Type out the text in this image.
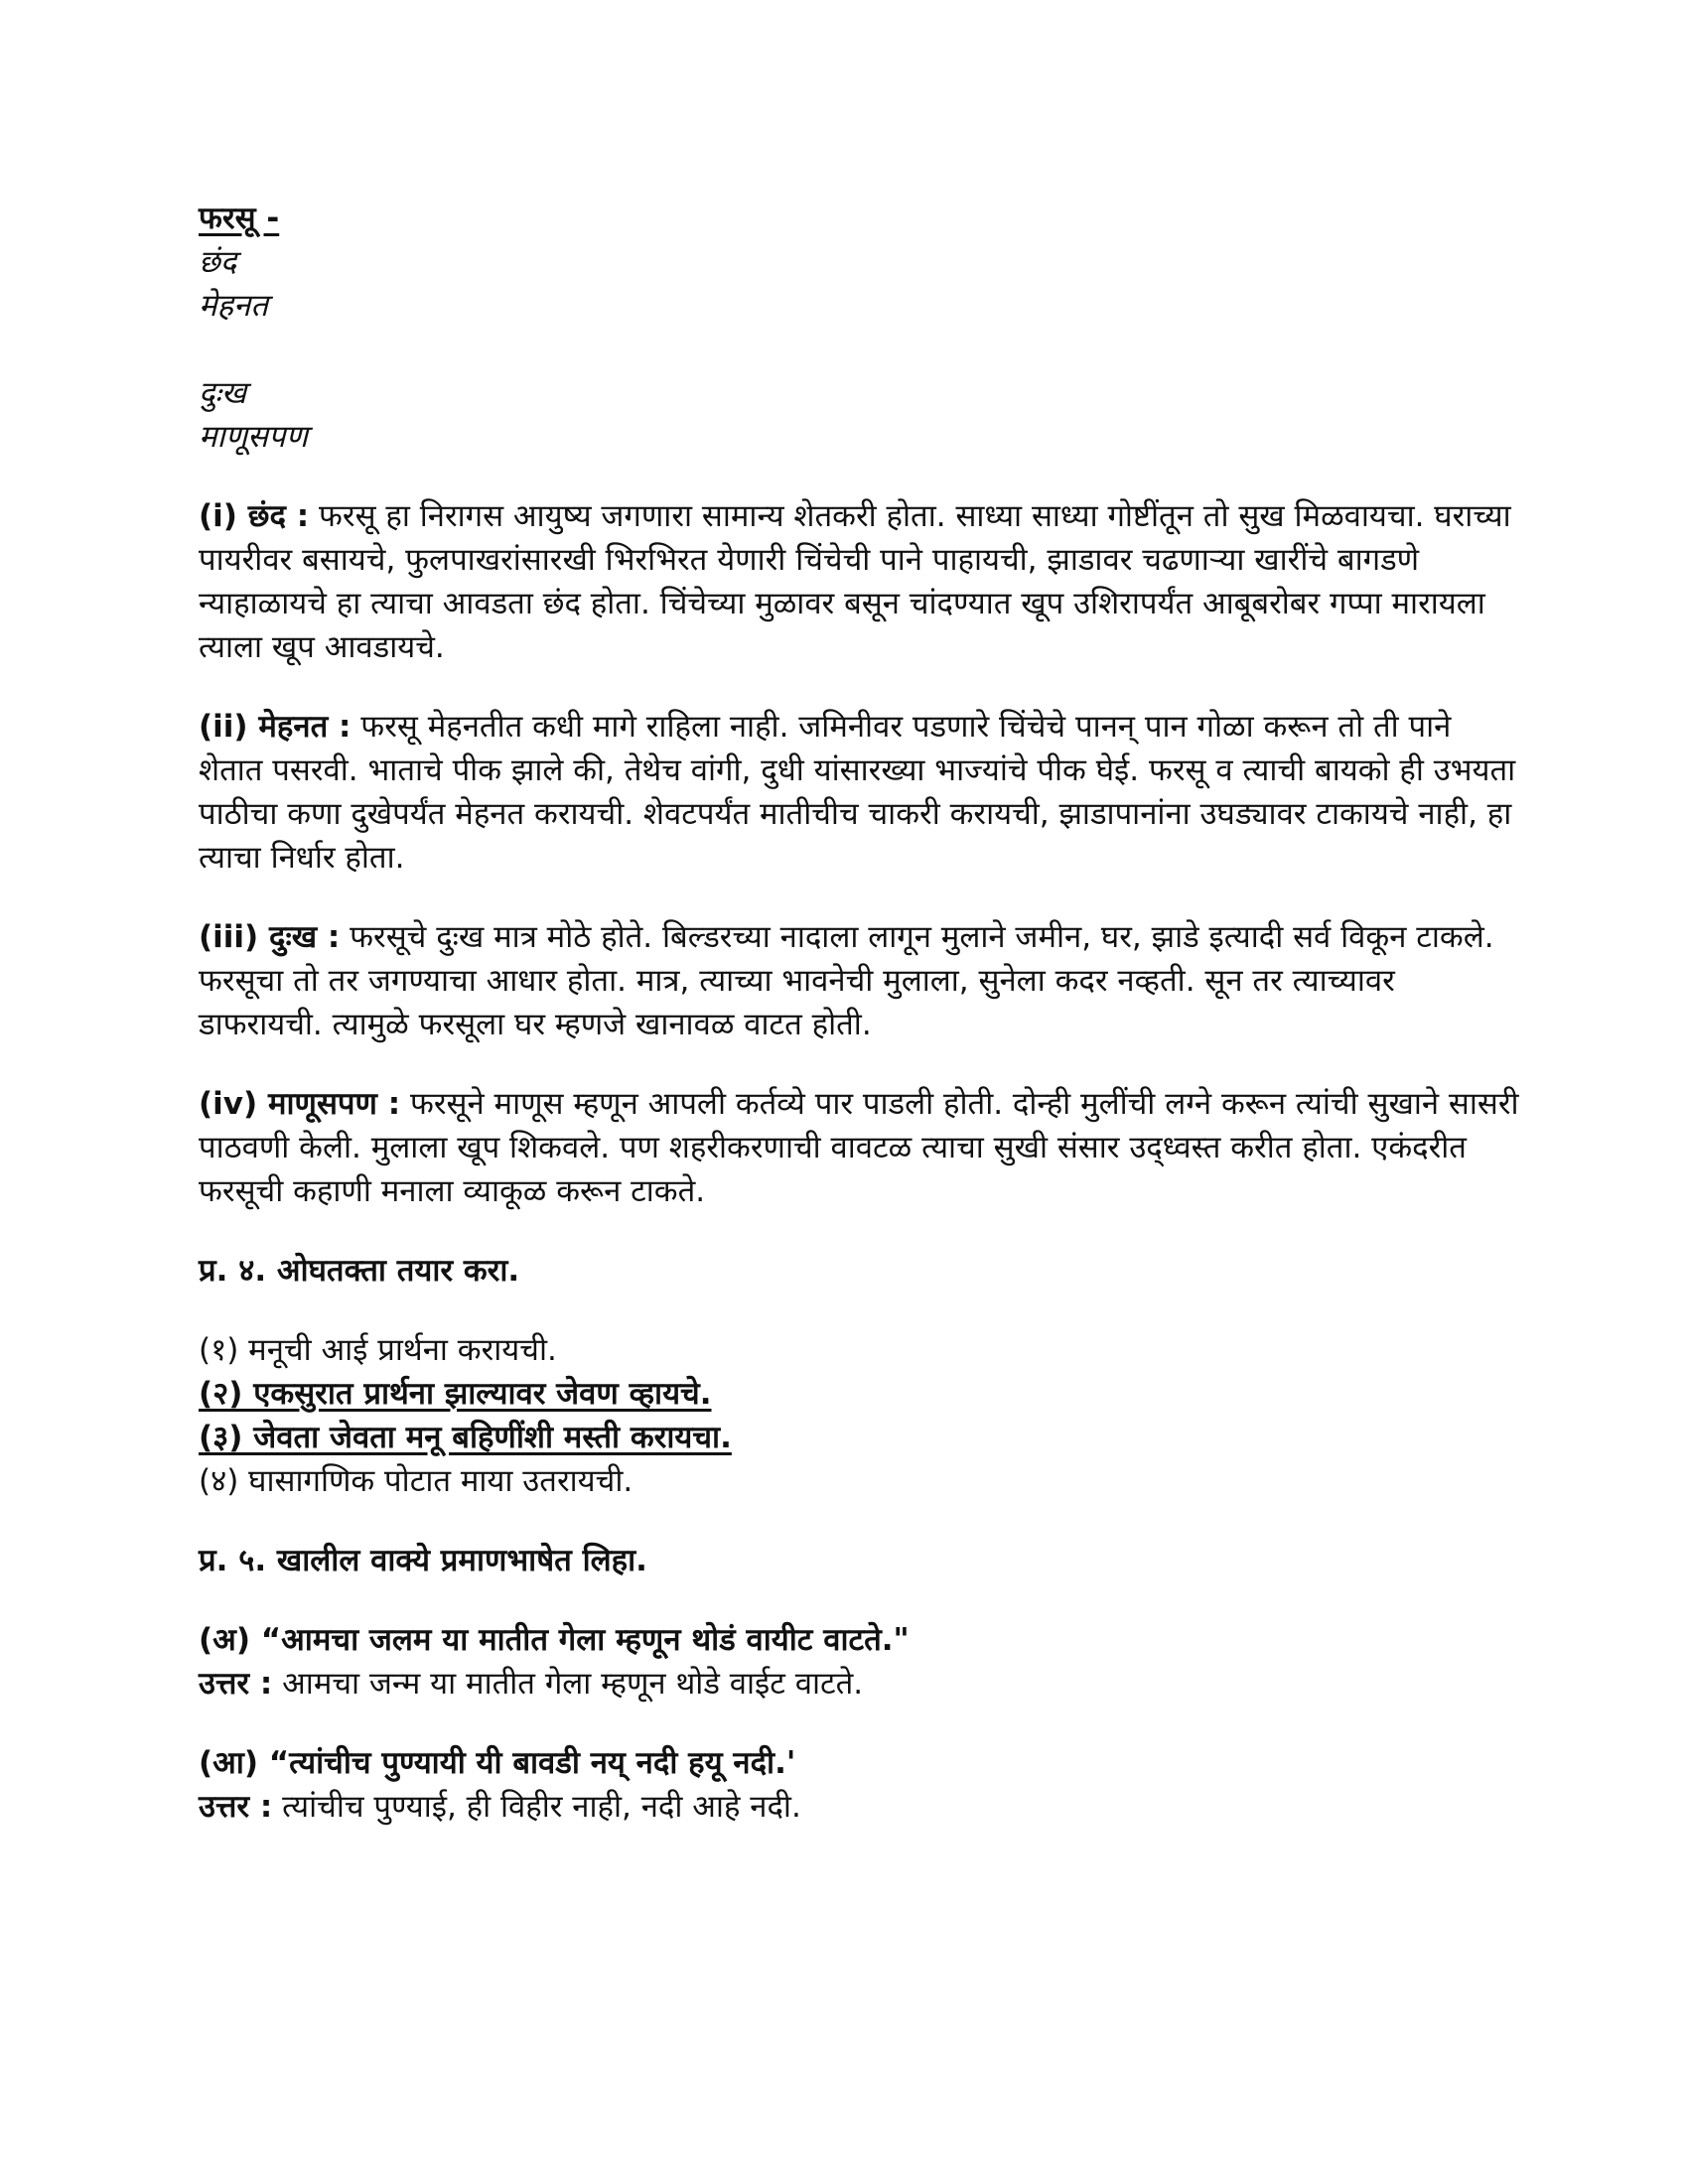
फरसू -
छंद
मेहनत
दुःख
माणूसपण

(i) छंद : फरसू हा निरागस आयुष्य जगणारा सामान्य शेतकरी होता. साध्या साध्या गोष्टींतून तो सुख मिळवायचा. घराच्या पायरीवर बसायचे, फुलपाखरांसारखी भिरभिरत येणारी चिंचेची पाने पाहायची, झाडावर चढणाऱ्या खारींचे बागडणे न्याहाळायचे हा त्याचा आवडता छंद होता. चिंचेच्या मुळावर बसून चांदण्यात खूप उशिरापर्यंत आबूबरोबर गप्पा मारायला त्याला खूप आवडायचे.

(ii) मेहनत : फरसू मेहनतीत कधी मागे राहिला नाही. जमिनीवर पडणारे चिंचेचे पानन् पान गोळा करून तो ती पाने शेतात पसरवी. भाताचे पीक झाले की, तेथेच वांगी, दुधी यांसारख्या भाज्यांचे पीक घेई. फरसू व त्याची बायको ही उभयता पाठीचा कणा दुखेपर्यंत मेहनत करायची. शेवटपर्यंत मातीचीच चाकरी करायची, झाडापानांना उघड्यावर टाकायचे नाही, हा त्याचा निर्धार होता.

(iii) दुःख : फरसूचे दुःख मात्र मोठे होते. बिल्डरच्या नादाला लागून मुलाने जमीन, घर, झाडे इत्यादी सर्व विकून टाकले. फरसूचा तो तर जगण्याचा आधार होता. मात्र, त्याच्या भावनेची मुलाला, सुनेला कदर नव्हती. सून तर त्याच्यावर डाफरायची. त्यामुळे फरसूला घर म्हणजे खानावळ वाटत होती.

(iv) माणूसपण : फरसूने माणूस म्हणून आपली कर्तव्ये पार पाडली होती. दोन्ही मुलींची लग्ने करून त्यांची सुखाने सासरी पाठवणी केली. मुलाला खूप शिकवले. पण शहरीकरणाची वावटळ त्याचा सुखी संसार उद्ध्वस्त करीत होता. एकंदरीत फरसूची कहाणी मनाला व्याकूळ करून टाकते.

प्र. ४. ओघतक्ता तयार करा.
(१) मनूची आई प्रार्थना करायची.
(२) एकसुरात प्रार्थना झाल्यावर जेवण व्हायचे.
(३) जेवता जेवता मनू बहिणींशी मस्ती करायचा.
(४) घासागणिक पोटात माया उतरायची.
प्र. ५. खालील वाक्ये प्रमाणभाषेत लिहा.
(अ) “आमचा जलम या मातीत गेला म्हणून थोडं वायीट वाटते."
उत्तर : आमचा जन्म या मातीत गेला म्हणून थोडे वाईट वाटते.
(आ) “त्यांचीच पुण्यायी यी बावडी नय् नदी हयू नदी.'
उत्तर : त्यांचीच पुण्याई, ही विहीर नाही, नदी आहे नदी.
